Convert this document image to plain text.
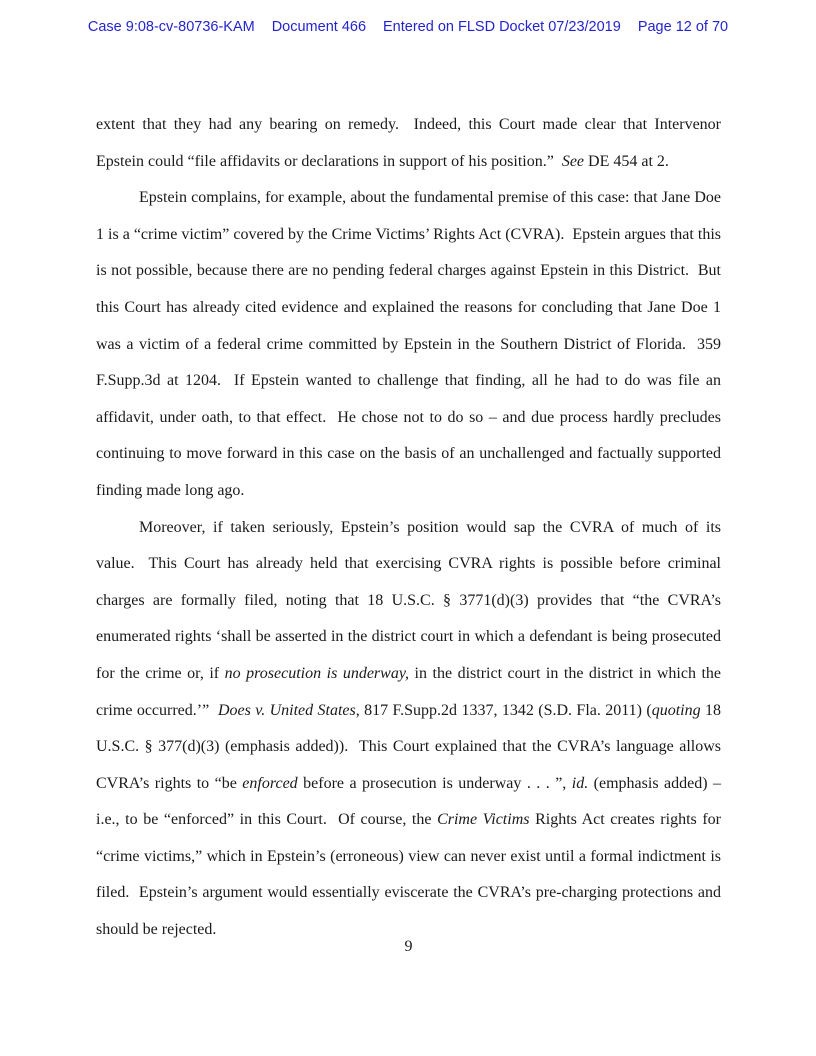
Case 9:08-cv-80736-KAM Document 466 Entered on FLSD Docket 07/23/2019 Page 12 of 70

extent that they had any bearing on remedy.  Indeed, this Court made clear that Intervenor Epstein could “file affidavits or declarations in support of his position.”  See DE 454 at 2.

Epstein complains, for example, about the fundamental premise of this case: that Jane Doe 1 is a “crime victim” covered by the Crime Victims’ Rights Act (CVRA).  Epstein argues that this is not possible, because there are no pending federal charges against Epstein in this District.  But this Court has already cited evidence and explained the reasons for concluding that Jane Doe 1 was a victim of a federal crime committed by Epstein in the Southern District of Florida.  359 F.Supp.3d at 1204.  If Epstein wanted to challenge that finding, all he had to do was file an affidavit, under oath, to that effect.  He chose not to do so – and due process hardly precludes continuing to move forward in this case on the basis of an unchallenged and factually supported finding made long ago.

Moreover, if taken seriously, Epstein’s position would sap the CVRA of much of its value.  This Court has already held that exercising CVRA rights is possible before criminal charges are formally filed, noting that 18 U.S.C. § 3771(d)(3) provides that “the CVRA’s enumerated rights ‘shall be asserted in the district court in which a defendant is being prosecuted for the crime or, if no prosecution is underway, in the district court in the district in which the crime occurred.’”  Does v. United States, 817 F.Supp.2d 1337, 1342 (S.D. Fla. 2011) (quoting 18 U.S.C. § 377(d)(3) (emphasis added)).  This Court explained that the CVRA’s language allows CVRA’s rights to “be enforced before a prosecution is underway . . . ”, id. (emphasis added) – i.e., to be “enforced” in this Court.  Of course, the Crime Victims Rights Act creates rights for “crime victims,” which in Epstein’s (erroneous) view can never exist until a formal indictment is filed.  Epstein’s argument would essentially eviscerate the CVRA’s pre-charging protections and should be rejected.

9
